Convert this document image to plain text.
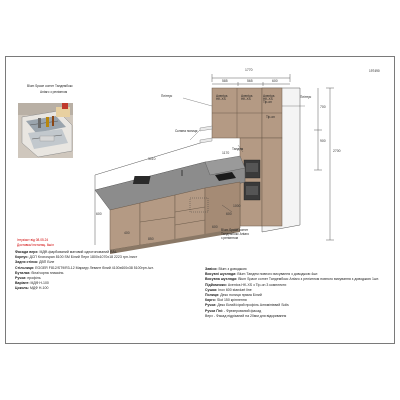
197490
Blum Space corner Тандембокс
Antaro з реліингом
1770
585	565	600
700
900
2700
3010
1000
1170
600
600
400
850
600
Плінтус	Плінтус
Скляна полиця
Тандем
Aventos
HK-XS
Aventos
HK-XS
Aventos
HK-XS
Tip-on
Tip-on
Blum Space corner
Тандембокс Antaro
з реліингом
Інтузіаст від 08.05.24
Доставка/ інсталяц. 6шіл
Фасади верх: МДФ-фарбований матовий однотонований RAL
Корпус: ДСП Kronospan 8100 SM Білий Перл 1800х1070х18 2223 грн./лист
Задня стінка: ДВП Біле
Стільниця: EGGER F812/ST9/R3-12 Мармур Левант білий 4100х600х38 5100грн./шт.
Бутилка: біла/чорна пласкінь
Ручки: профіль
Варіант: МДФ H-100
Цоколь: МДФ H-100
Завіси: Blum з доводжою
Висувні шухляди: Blum Тандем повного висування з доводжою 4шт.
Висувна шухляда: Blum Space corner Тандембокс Antaro з реліингом повного висування з доводжою 1шт.
Підйомники: Aventos HK-XS з Tip-on 3 комплекти
Сушка: Inox 600 standart line
Полиця: Деко полиця пряма Білий
Карго: Slot 150 кріплення
Ручки: Деко Білий/сірий профіль Алюмінієвий Solis
Ручки Пні: - Фрезерований фасад
Верх - Фасад підрізаний на 20мм для відкривання
